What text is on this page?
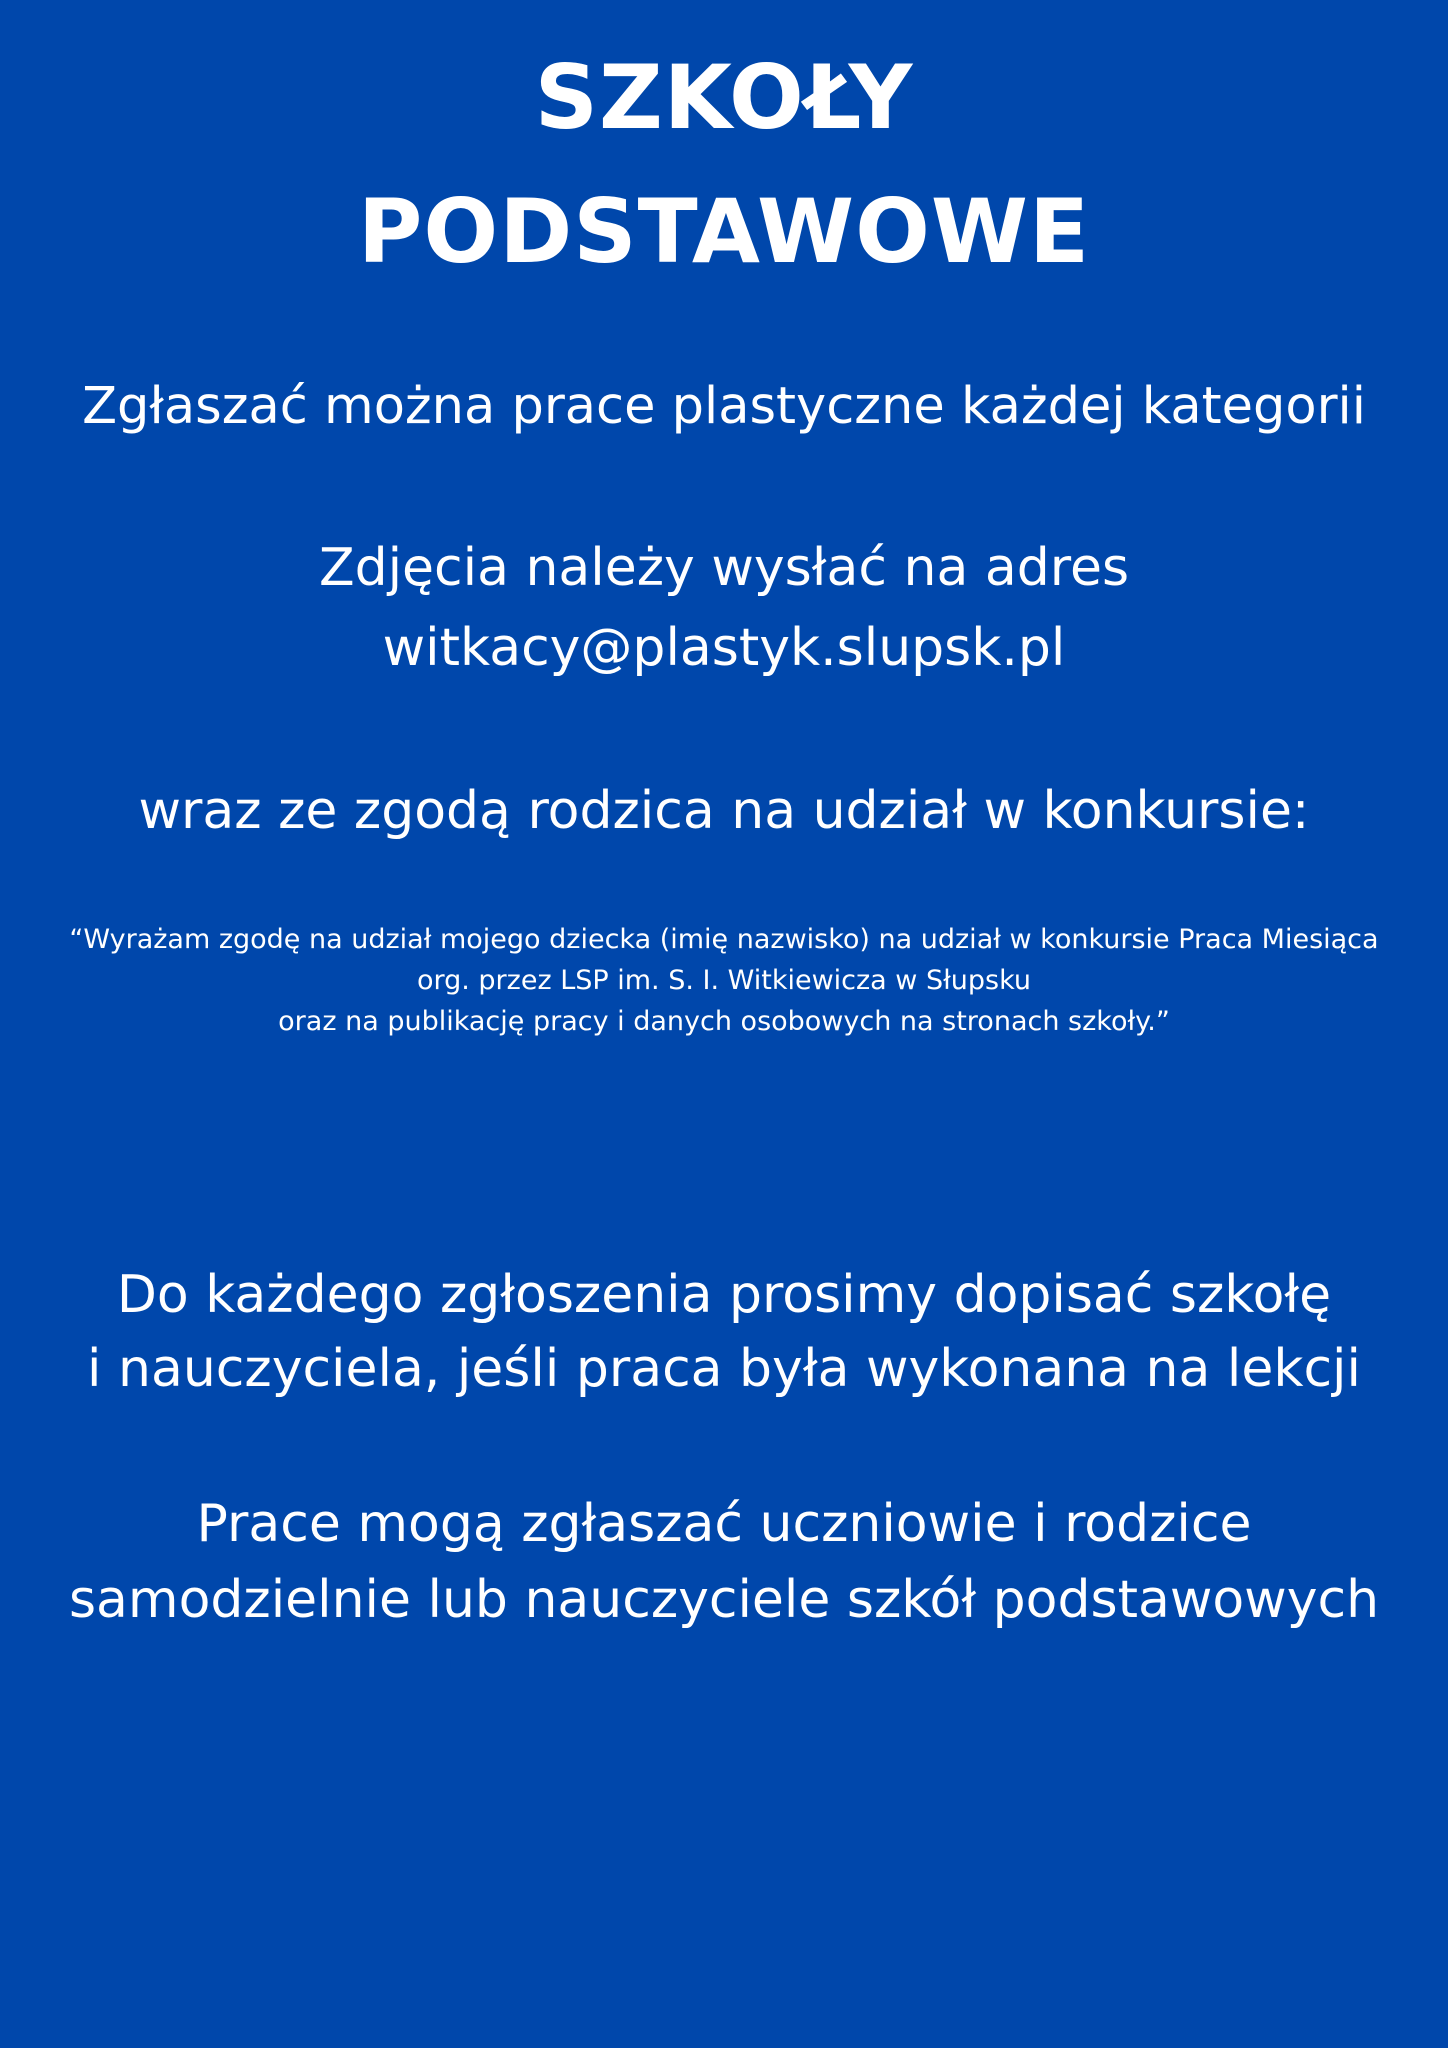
SZKOŁY
PODSTAWOWE

Zgłaszać można prace plastyczne każdej kategorii

Zdjęcia należy wysłać na adres

witkacy@plastyk.slupsk.pl

wraz ze zgodą rodzica na udział w konkursie:

“Wyrażam zgodę na udział mojego dziecka (imię nazwisko) na udział w konkursie Praca Miesiąca

org. przez LSP im. S. I. Witkiewicza w Słupsku

oraz na publikację pracy i danych osobowych na stronach szkoły.”

Do każdego zgłoszenia prosimy dopisać szkołę

i nauczyciela, jeśli praca była wykonana na lekcji

Prace mogą zgłaszać uczniowie i rodzice

samodzielnie lub nauczyciele szkół podstawowych
